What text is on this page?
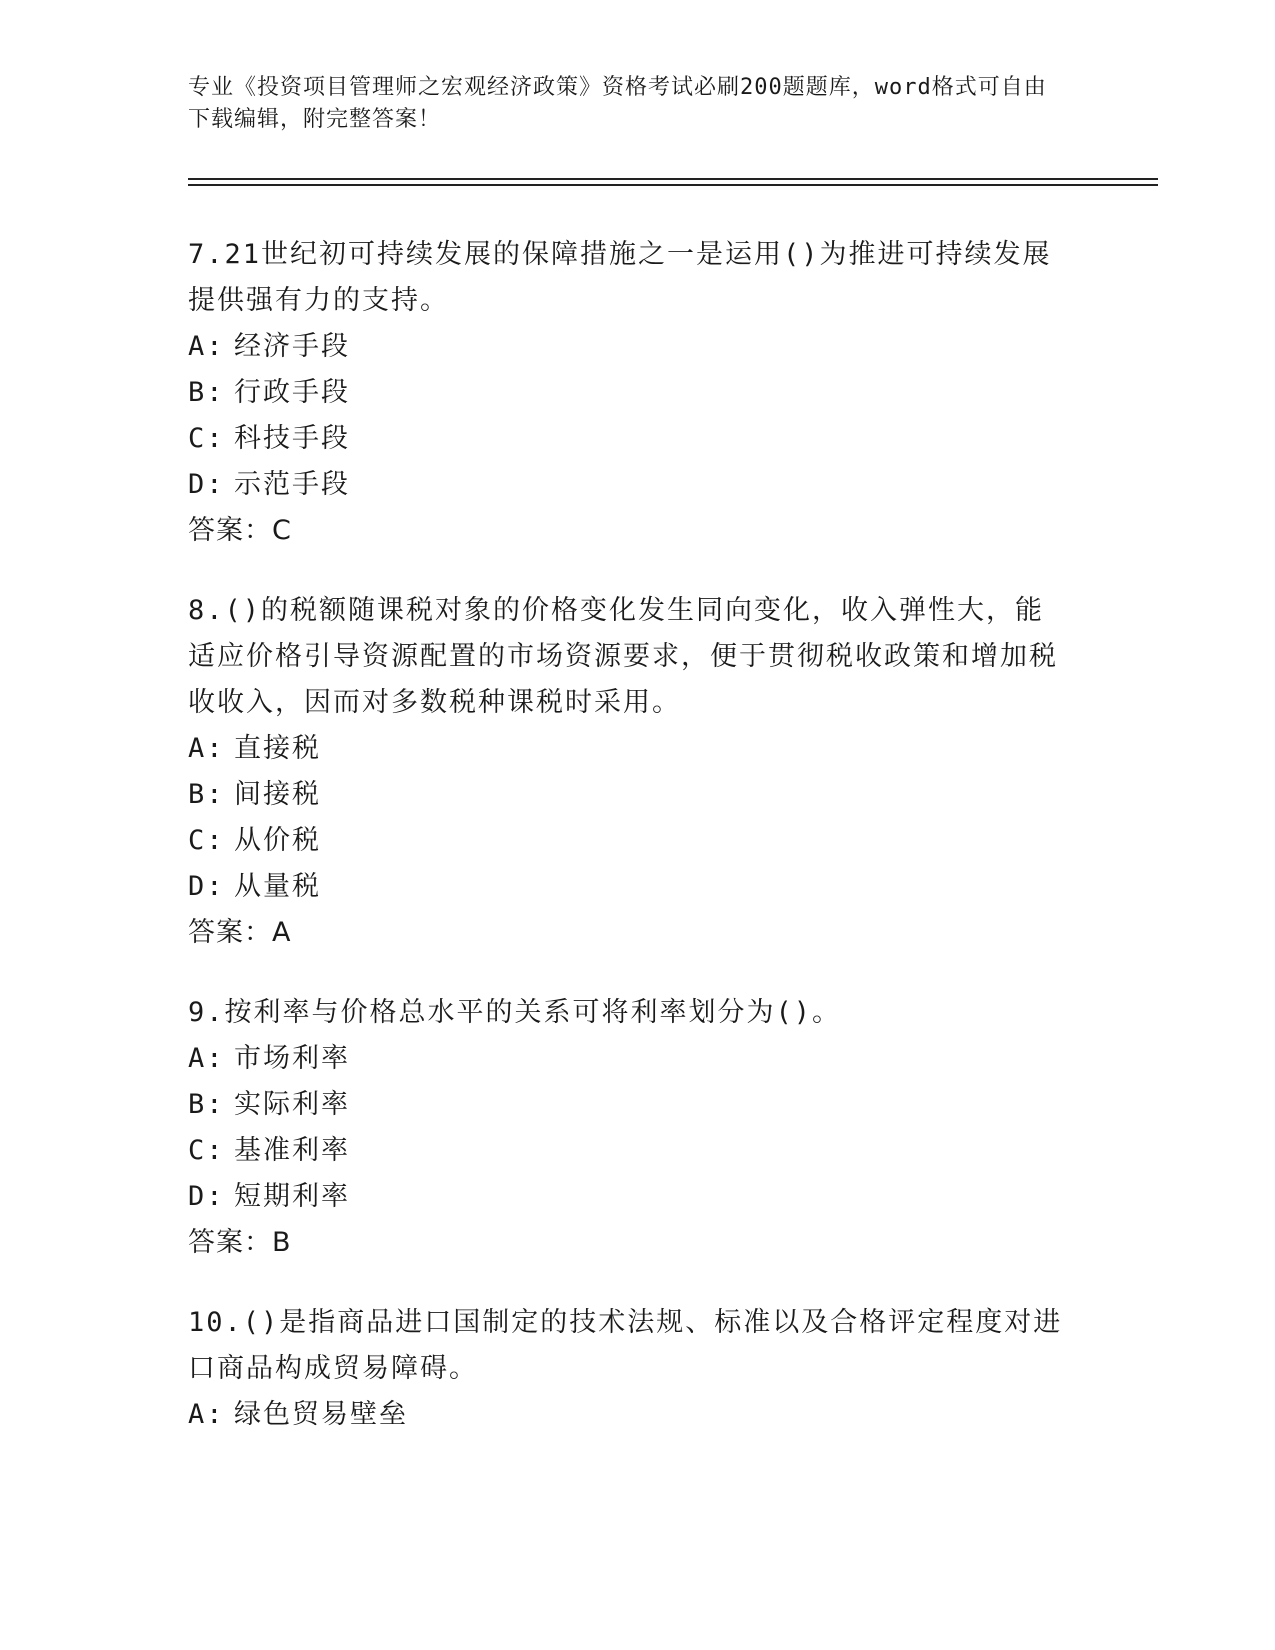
专业《投资项目管理师之宏观经济政策》资格考试必刷200题题库，word格式可自由下载编辑，附完整答案！

7.21世纪初可持续发展的保障措施之一是运用()为推进可持续发展提供强有力的支持。

A: 经济手段

B: 行政手段

C: 科技手段

D: 示范手段

答案：C

8.()的税额随课税对象的价格变化发生同向变化，收入弹性大，能适应价格引导资源配置的市场资源要求，便于贯彻税收政策和增加税收收入，因而对多数税种课税时采用。

A: 直接税

B: 间接税

C: 从价税

D: 从量税

答案：A

9.按利率与价格总水平的关系可将利率划分为()。

A: 市场利率

B: 实际利率

C: 基准利率

D: 短期利率

答案：B

10.()是指商品进口国制定的技术法规、标准以及合格评定程度对进口商品构成贸易障碍。

A: 绿色贸易壁垒
